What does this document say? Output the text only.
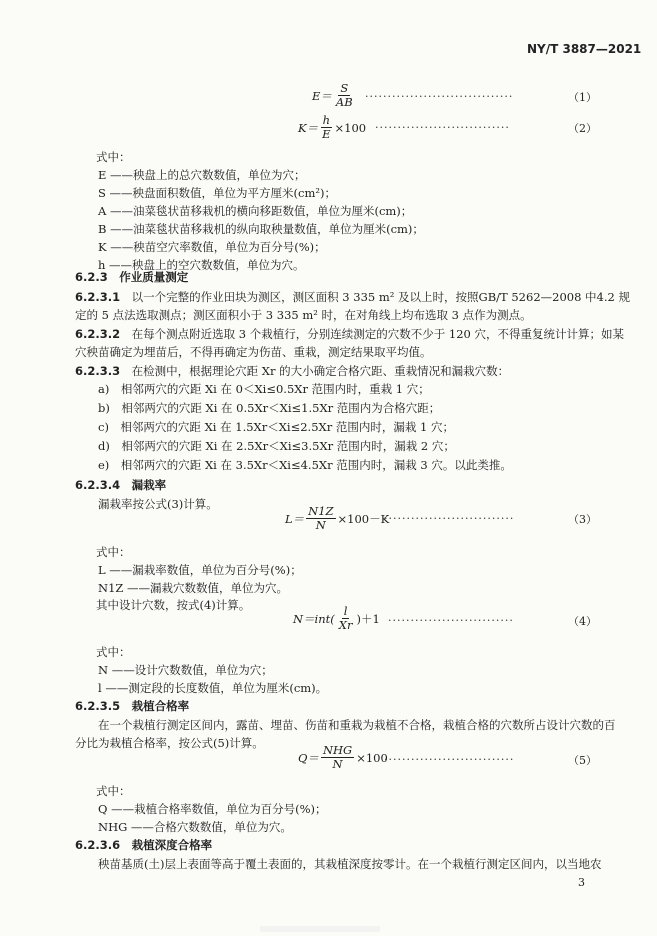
NY/T 3887—2021
$E= \frac{S}{AB}$ ·································	（1）
$K= \frac{h}{E} \times 100$ ······························	（2）
式中：
E ——秧盘上的总穴数数值，单位为穴；
S ——秧盘面积数值，单位为平方厘米(cm²)；
A ——油菜毯状苗移栽机的横向移距数值，单位为厘米(cm)；
B ——油菜毯状苗移栽机的纵向取秧量数值，单位为厘米(cm)；
K ——秧苗空穴率数值，单位为百分号(%)；
h ——秧盘上的空穴数数值，单位为穴。
6.2.3　 作业质量测定
6.2.3.1　 以一个完整的作业田块为测区，测区面积 3 335 m² 及以上时，按照GB/T 5262—2008 中4.2 规
定的 5 点法选取测点；测区面积小于 3 335 m² 时，在对角线上均布选取 3 点作为测点。
6.2.3.2　 在每个测点附近选取 3 个栽植行，分别连续测定的穴数不少于 120 穴，不得重复统计计算；如某
穴秧苗确定为埋苗后，不得再确定为伤苗、重栽，测定结果取平均值。
6.2.3.3　 在检测中，根据理论穴距 Xr 的大小确定合格穴距、重栽情况和漏栽穴数：
a)　相邻两穴的穴距 Xi 在 0＜Xi≤0.5Xr 范围内时，重栽 1 穴；
b)　相邻两穴的穴距 Xi 在 0.5Xr＜Xi≤1.5Xr 范围内为合格穴距；
c)　相邻两穴的穴距 Xi 在 1.5Xr＜Xi≤2.5Xr 范围内时，漏栽 1 穴；
d)　相邻两穴的穴距 Xi 在 2.5Xr＜Xi≤3.5Xr 范围内时，漏栽 2 穴；
e)　相邻两穴的穴距 Xi 在 3.5Xr＜Xi≤4.5Xr 范围内时，漏栽 3 穴。以此类推。
6.2.3.4　 漏栽率
漏栽率按公式(3)计算。
$L= \frac{N1Z}{N} \times 100-K$
·····························	（3）
式中：
L ——漏栽率数值，单位为百分号(%)；
N1Z ——漏栽穴数数值，单位为穴。
其中设计穴数，按式(4)计算。
$N=int( \frac{l}{Xr} )+1$ ····························	（4）
式中：
N ——设计穴数数值，单位为穴；
l ——测定段的长度数值，单位为厘米(cm)。
6.2.3.5　 栽植合格率
在一个栽植行测定区间内，露苗、埋苗、伤苗和重栽为栽植不合格，栽植合格的穴数所占设计穴数的百
分比为栽植合格率，按公式(5)计算。
$Q= \frac{\text{NHG}}{N} \times 100$
·····························	（5）
式中：
Q ——栽植合格率数值，单位为百分号(%)；
NHG ——合格穴数数值，单位为穴。
6.2.3.6　 栽植深度合格率
秧苗基质(土)层上表面等高于覆土表面的，其栽植深度按零计。在一个栽植行测定区间内，以当地农
3
